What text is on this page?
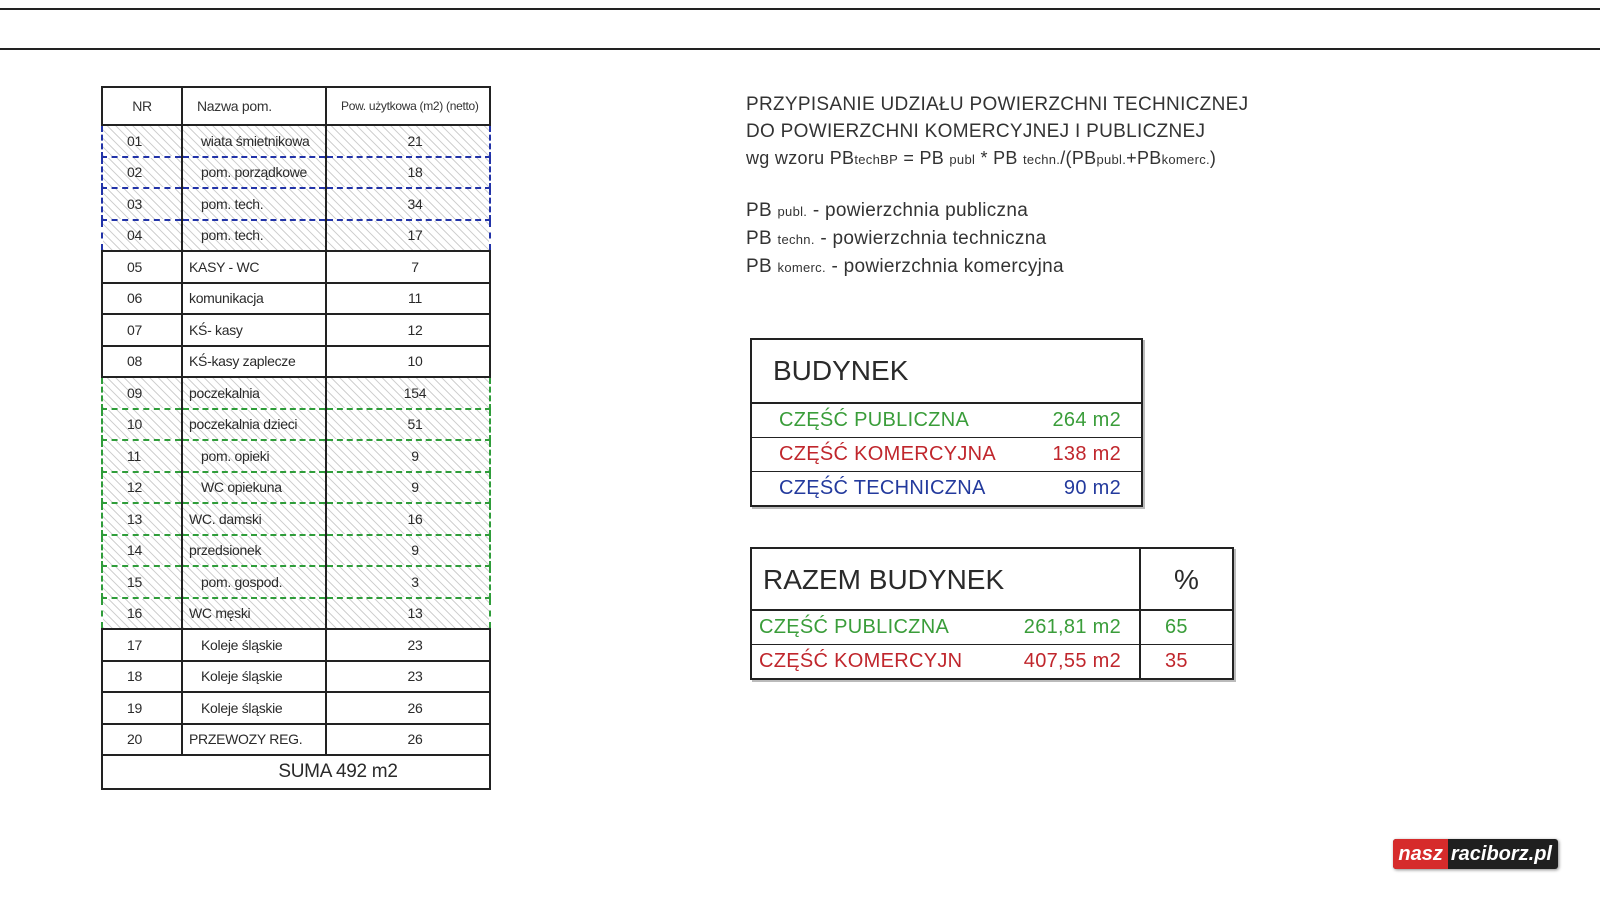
NR	Nazwa pom.	Pow. użytkowa (m2) (netto)
01	wiata śmietnikowa	21
02	pom. porządkowe	18
03	pom. tech.	34
04	pom. tech.	17
05	KASY - WC	7
06	komunikacja	11
07	KŚ- kasy	12
08	KŚ-kasy zaplecze	10
09	poczekalnia	154
10	poczekalnia dzieci	51
11	pom. opieki	9
12	WC opiekuna	9
13	WC. damski	16
14	przedsionek	9
15	pom. gospod.	3
16	WC męski	13
17	Koleje śląskie	23
18	Koleje śląskie	23
19	Koleje śląskie	26
20	PRZEWOZY REG.	26
SUMA 492 m2		
PRZYPISANIE UDZIAŁU POWIERZCHNI TECHNICZNEJ
DO POWIERZCHNI KOMERCYJNEJ I PUBLICZNEJ
wg wzoru PBtechBP = PB publ * PB techn./(PBpubl.+PBkomerc.)
PB publ. - powierzchnia publiczna
PB techn. - powierzchnia techniczna
PB komerc. - powierzchnia komercyjna
BUDYNEK
CZĘŚĆ PUBLICZNA	264 m2
CZĘŚĆ KOMERCYJNA	138 m2
CZĘŚĆ TECHNICZNA	90 m2
RAZEM BUDYNEK	%
CZĘŚĆ PUBLICZNA	261,81 m2	65
CZĘŚĆ KOMERCYJN	407,55 m2	35
nasz raciborz.pl
